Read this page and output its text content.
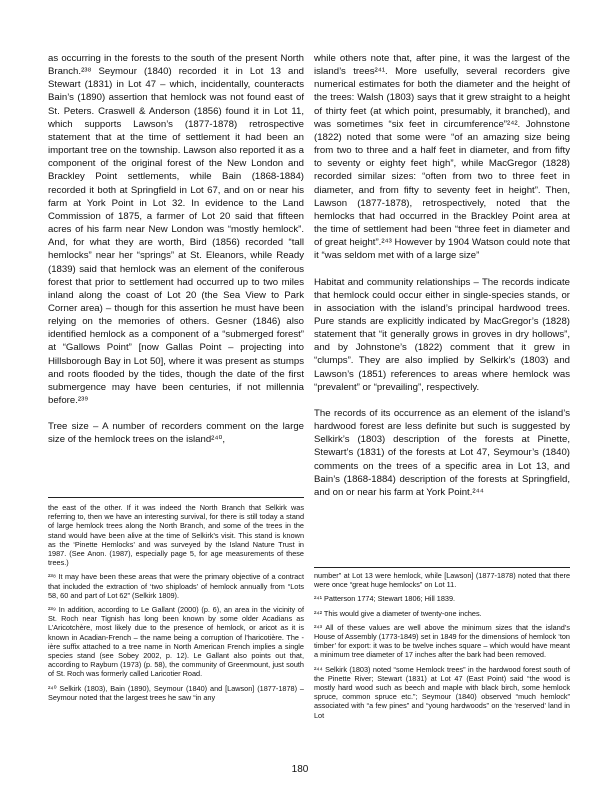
as occurring in the forests to the south of the present North Branch.²³⁸ Seymour (1840) recorded it in Lot 13 and Stewart (1831) in Lot 47 – which, incidentally, counteracts Bain’s (1890) assertion that hemlock was not found east of St. Peters. Craswell & Anderson (1856) found it in Lot 11, which supports Lawson’s (1877-1878) retrospective statement that at the time of settlement it had been an important tree on the township. Lawson also reported it as a component of the original forest of the New London and Brackley Point settlements, while Bain (1868-1884) recorded it both at Springfield in Lot 67, and on or near his farm at York Point in Lot 32. In evidence to the Land Commission of 1875, a farmer of Lot 20 said that fifteen acres of his farm near New London was “mostly hemlock”. And, for what they are worth, Bird (1856) recorded “tall hemlocks” near her “springs” at St. Eleanors, while Ready (1839) said that hemlock was an element of the coniferous forest that prior to settlement had occurred up to two miles inland along the coast of Lot 20 (the Sea View to Park Corner area) – though for this assertion he must have been relying on the memories of others. Gesner (1846) also identified hemlock as a component of a “submerged forest” at “Gallows Point” [now Gallas Point – projecting into Hillsborough Bay in Lot 50], where it was present as stumps and roots flooded by the tides, though the date of the first submergence may have been centuries, if not millennia before.²³⁹

Tree size – A number of recorders comment on the large size of the hemlock trees on the island²⁴⁰,

while others note that, after pine, it was the largest of the island’s trees²⁴¹. More usefully, several recorders give numerical estimates for both the diameter and the height of the trees: Walsh (1803) says that it grew straight to a height of thirty feet (at which point, presumably, it branched), and was sometimes “six feet in circumference”²⁴². Johnstone (1822) noted that some were “of an amazing size being from two to three and a half feet in diameter, and from fifty to seventy or eighty feet high”, while MacGregor (1828) recorded similar sizes: “often from two to three feet in diameter, and from fifty to seventy feet in height”. Then, Lawson (1877-1878), retrospectively, noted that the hemlocks that had occurred in the Brackley Point area at the time of settlement had been “three feet in diameter and of great height”.²⁴³ However by 1904 Watson could note that it “was seldom met with of a large size”

Habitat and community relationships – The records indicate that hemlock could occur either in single-species stands, or in association with the island’s principal hardwood trees. Pure stands are explicitly indicated by MacGregor’s (1828) statement that “it generally grows in groves in dry hollows”, and by Johnstone’s (1822) comment that it grew in “clumps”. They are also implied by Selkirk’s (1803) and Lawson’s (1851) references to areas where hemlock was “prevalent” or “prevailing”, respectively.

The records of its occurrence as an element of the island’s hardwood forest are less definite but such is suggested by Selkirk’s (1803) description of the forests at Pinette, Stewart’s (1831) of the forests at Lot 47, Seymour’s (1840) comments on the trees of a specific area in Lot 13, and Bain’s (1868-1884) description of the forests at Springfield, and on or near his farm at York Point.²⁴⁴

the east of the other. If it was indeed the North Branch that Selkirk was referring to, then we have an interesting survival, for there is still today a stand of large hemlock trees along the North Branch, and some of the trees in the stand would have been alive at the time of Selkirk’s visit. This stand is known as the ‘Pinette Hemlocks’ and was surveyed by the Island Nature Trust in 1987. (See Anon. (1987), especially page 5, for age measurements of these trees.)

²³⁸ It may have been these areas that were the primary objective of a contract that included the extraction of ‘two shiploads’ of hemlock annually from “Lots 58, 60 and part of Lot 62” (Selkirk 1809).

²³⁹ In addition, according to Le Gallant (2000) (p. 6), an area in the vicinity of St. Roch near Tignish has long been known by some older Acadians as L’Aricotchère, most likely due to the presence of hemlock, or aricot as it is known in Acadian-French – the name being a corruption of l’haricotière. The -ière suffix attached to a tree name in North American French implies a single species stand (see Sobey 2002, p. 12). Le Gallant also points out that, according to Rayburn (1973) (p. 58), the community of Greenmount, just south of St. Roch was formerly called Laricotier Road.

²⁴⁰ Selkirk (1803), Bain (1890), Seymour (1840) and [Lawson] (1877-1878) – Seymour noted that the largest trees he saw “in any

number” at Lot 13 were hemlock, while [Lawson] (1877-1878) noted that there were once “great huge hemlocks” on Lot 11.

²⁴¹ Patterson 1774; Stewart 1806; Hill 1839.

²⁴² This would give a diameter of twenty-one inches.

²⁴³ All of these values are well above the minimum sizes that the island’s House of Assembly (1773-1849) set in 1849 for the dimensions of hemlock ‘ton timber’ for export: it was to be twelve inches square – which would have meant a minimum tree diameter of 17 inches after the bark had been removed.

²⁴⁴ Selkirk (1803) noted “some Hemlock trees” in the hardwood forest south of the Pinette River; Stewart (1831) at Lot 47 (East Point) said “the wood is mostly hard wood such as beech and maple with black birch, some hemlock spruce, common spruce etc.”; Seymour (1840) observed “much hemlock” associated with “a few pines” and “young hardwoods” on the ‘reserved’ land in Lot

180
